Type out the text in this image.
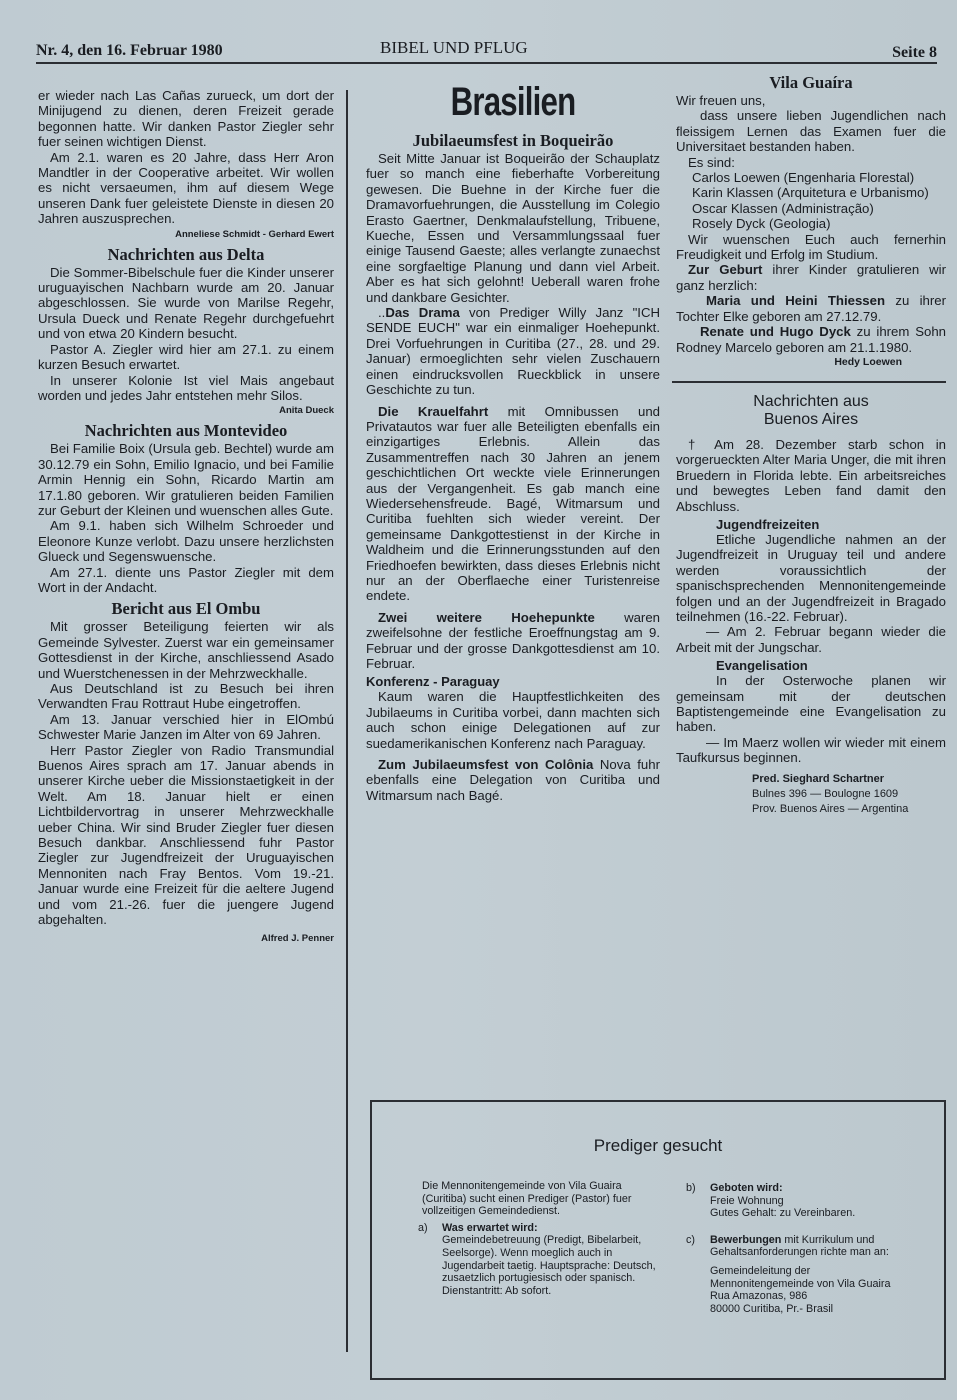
Nr. 4, den 16. Februar 1980	BIBEL UND PFLUG	Seite 8

er wieder nach Las Cañas zurueck, um dort der Minijugend zu dienen, deren Freizeit gerade begonnen hatte. Wir danken Pastor Ziegler sehr fuer seinen wichtigen Dienst.

Am 2.1. waren es 20 Jahre, dass Herr Aron Mandtler in der Cooperative arbeitet. Wir wollen es nicht versaeumen, ihm auf diesem Wege unseren Dank fuer geleistete Dienste in diesen 20 Jahren auszusprechen.

Anneliese Schmidt - Gerhard Ewert
Nachrichten aus Delta

Die Sommer-Bibelschule fuer die Kinder unserer uruguayischen Nachbarn wurde am 20. Januar abgeschlossen. Sie wurde von Marilse Regehr, Ursula Dueck und Renate Regehr durchgefuehrt und von etwa 20 Kindern besucht.

Pastor A. Ziegler wird hier am 27.1. zu einem kurzen Besuch erwartet.

In unserer Kolonie Ist viel Mais angebaut worden und jedes Jahr entstehen mehr Silos.

Anita Dueck
Nachrichten aus Montevideo

Bei Familie Boix (Ursula geb. Bechtel) wurde am 30.12.79 ein Sohn, Emilio Ignacio, und bei Familie Armin Hennig ein Sohn, Ricardo Martin am 17.1.80 geboren. Wir gratulieren beiden Familien zur Geburt der Kleinen und wuenschen alles Gute.

Am 9.1. haben sich Wilhelm Schroeder und Eleonore Kunze verlobt. Dazu unsere herzlichsten Glueck und Segenswuensche.

Am 27.1. diente uns Pastor Ziegler mit dem Wort in der Andacht.

Bericht aus El Ombu

Mit grosser Beteiligung feierten wir als Gemeinde Sylvester. Zuerst war ein gemeinsamer Gottesdienst in der Kirche, anschliessend Asado und Wuerstchenessen in der Mehrzweckhalle.

Aus Deutschland ist zu Besuch bei ihren Verwandten Frau Rottraut Hube eingetroffen.

Am 13. Januar verschied hier in ElOmbú Schwester Marie Janzen im Alter von 69 Jahren.

Herr Pastor Ziegler von Radio Transmundial Buenos Aires sprach am 17. Januar abends in unserer Kirche ueber die Missionstaetigkeit in der Welt. Am 18. Januar hielt er einen Lichtbildervortrag in unserer Mehrzweckhalle ueber China. Wir sind Bruder Ziegler fuer diesen Besuch dankbar. Anschliessend fuhr Pastor Ziegler zur Jugendfreizeit der Uruguayischen Mennoniten nach Fray Bentos. Vom 19.-21. Januar wurde eine Freizeit für die aeltere Jugend und vom 21.-26. fuer die juengere Jugend abgehalten.

Alfred J. Penner
Brasilien
Jubilaeumsfest in Boqueirão

Seit Mitte Januar ist Boqueirão der Schauplatz fuer so manch eine fieberhafte Vorbereitung gewesen. Die Buehne in der Kirche fuer die Dramavorfuehrungen, die Ausstellung im Colegio Erasto Gaertner, Denkmalaufstellung, Tribuene, Kueche, Essen und Versammlungssaal fuer einige Tausend Gaeste; alles verlangte zunaechst eine sorgfaeltige Planung und dann viel Arbeit. Aber es hat sich gelohnt! Ueberall waren frohe und dankbare Gesichter.

..Das Drama von Prediger Willy Janz "ICH SENDE EUCH" war ein einmaliger Hoehepunkt. Drei Vorfuehrungen in Curitiba (27., 28. und 29. Januar) ermoeglichten sehr vielen Zuschauern einen eindrucksvollen Rueckblick in unsere Geschichte zu tun.

Die Krauelfahrt mit Omnibussen und Privatautos war fuer alle Beteiligten ebenfalls ein einzigartiges Erlebnis. Allein das Zusammentreffen nach 30 Jahren an jenem geschichtlichen Ort weckte viele Erinnerungen aus der Vergangenheit. Es gab manch eine Wiedersehensfreude. Bagé, Witmarsum und Curitiba fuehlten sich wieder vereint. Der gemeinsame Dankgottestienst in der Kirche in Waldheim und die Erinnerungsstunden auf den Friedhoefen bewirkten, dass dieses Erlebnis nicht nur an der Oberflaeche einer Turistenreise endete.

Zwei weitere Hoehepunkte waren zweifelsohne der festliche Eroeffnungstag am 9. Februar und der grosse Dankgottesdienst am 10. Februar.

Konferenz - Paraguay

Kaum waren die Hauptfestlichkeiten des Jubilaeums in Curitiba vorbei, dann machten sich auch schon einige Delegationen auf zur suedamerikanischen Konferenz nach Paraguay.

Zum Jubilaeumsfest von Colônia Nova fuhr ebenfalls eine Delegation von Curitiba und Witmarsum nach Bagé.

Vila Guaíra

Wir freuen uns,

dass unsere lieben Jugendlichen nach fleissigem Lernen das Examen fuer die Universitaet bestanden haben.

Es sind:

Carlos Loewen (Engenharia Florestal)

Karin Klassen (Arquitetura e Urbanismo)

Oscar Klassen (Administração)

Rosely Dyck (Geologia)

Wir wuenschen Euch auch fernerhin Freudigkeit und Erfolg im Studium.

Zur Geburt ihrer Kinder gratulieren wir ganz herzlich:

Maria und Heini Thiessen zu ihrer Tochter Elke geboren am 27.12.79.

Renate und Hugo Dyck zu ihrem Sohn Rodney Marcelo geboren am 21.1.1980.

Hedy Loewen
Nachrichten aus Buenos Aires

† Am 28. Dezember starb schon in vorgerueckten Alter Maria Unger, die mit ihren Bruedern in Florida lebte. Ein arbeitsreiches und bewegtes Leben fand damit den Abschluss.

Jugendfreizeiten

Etliche Jugendliche nahmen an der Jugendfreizeit in Uruguay teil und andere werden voraussichtlich der spanischsprechenden Mennonitengemeinde folgen und an der Jugendfreizeit in Bragado teilnehmen (16.-22. Februar).

— Am 2. Februar begann wieder die Arbeit mit der Jungschar.

Evangelisation

In der Osterwoche planen wir gemeinsam mit der deutschen Baptistengemeinde eine Evangelisation zu haben.

— Im Maerz wollen wir wieder mit einem Taufkursus beginnen.

Pred. Sieghard Schartner
Bulnes 396 — Boulogne 1609
Prov. Buenos Aires — Argentina
Prediger gesucht

Die Mennonitengemeinde von Vila Guaira (Curitiba) sucht einen Prediger (Pastor) fuer vollzeitigen Gemeindedienst.

a)	Was erwartet wird:
Gemeindebetreuung (Predigt, Bibelarbeit, Seelsorge). Wenn moeglich auch in Jugendarbeit taetig. Hauptsprache: Deutsch, zusaetzlich portugiesisch oder spanisch. Dienstantritt: Ab sofort.
b)	Geboten wird:
Freie Wohnung
Gutes Gehalt: zu Vereinbaren.
c)	Bewerbungen mit Kurrikulum und Gehaltsanforderungen richte man an:
Gemeindeleitung der Mennonitengemeinde von Vila Guaira
Rua Amazonas, 986
80000 Curitiba, Pr.- Brasil
